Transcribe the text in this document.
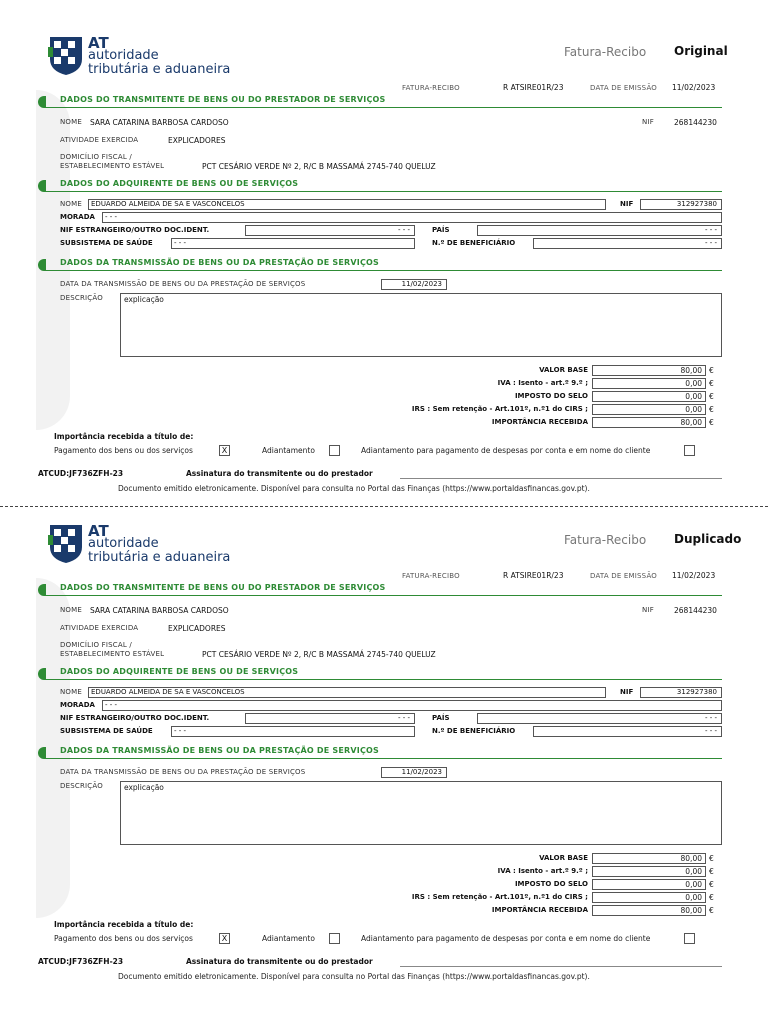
AT
autoridade
tributária e aduaneira
Fatura-Recibo Original
FATURA-RECIBO	R ATSIRE01R/23	DATA DE EMISSÃO 11/02/2023
DADOS DO TRANSMITENTE DE BENS OU DO PRESTADOR DE SERVIÇOS
NOME SARA CATARINA BARBOSA CARDOSO	NIF	268144230
ATIVIDADE EXERCIDA	EXPLICADORES
DOMICÍLIO FISCAL /
ESTABELECIMENTO ESTÁVEL	PCT CESÁRIO VERDE Nº 2, R/C B MASSAMÁ 2745-740 QUELUZ
DADOS DO ADQUIRENTE DE BENS OU DE SERVIÇOS
NOME EDUARDO ALMEIDA DE SA E VASCONCELOS	NIF	312927380
MORADA - - -
NIF ESTRANGEIRO/OUTRO DOC.IDENT.	- - -	PAÍS	- - -
SUBSISTEMA DE SAÚDE	- - -	N.º DE BENEFICIÁRIO	- - -
DADOS DA TRANSMISSÃO DE BENS OU DA PRESTAÇÃO DE SERVIÇOS
DATA DA TRANSMISSÃO DE BENS OU DA PRESTAÇÃO DE SERVIÇOS	11/02/2023
DESCRIÇÃO	explicação
VALOR BASE	80,00 €
IVA : Isento - art.º 9.º ;	0,00 €
IMPOSTO DO SELO	0,00 €
IRS : Sem retenção - Art.101º, n.º1 do CIRS ;	0,00 €
IMPORTÂNCIA RECEBIDA	80,00 €
Importância recebida a título de:
Pagamento dos bens ou dos serviços	X	Adiantamento	Adiantamento para pagamento de despesas por conta e em nome do cliente
ATCUD:JF736ZFH-23	Assinatura do transmitente ou do prestador
Documento emitido eletronicamente. Disponível para consulta no Portal das Finanças (https://www.portaldasfinancas.gov.pt).
AT
autoridade
tributária e aduaneira
Fatura-Recibo Duplicado
FATURA-RECIBO	R ATSIRE01R/23	DATA DE EMISSÃO 11/02/2023
DADOS DO TRANSMITENTE DE BENS OU DO PRESTADOR DE SERVIÇOS
NOME SARA CATARINA BARBOSA CARDOSO	NIF	268144230
ATIVIDADE EXERCIDA	EXPLICADORES
DOMICÍLIO FISCAL /
ESTABELECIMENTO ESTÁVEL	PCT CESÁRIO VERDE Nº 2, R/C B MASSAMÁ 2745-740 QUELUZ
DADOS DO ADQUIRENTE DE BENS OU DE SERVIÇOS
NOME EDUARDO ALMEIDA DE SA E VASCONCELOS	NIF	312927380
MORADA - - -
NIF ESTRANGEIRO/OUTRO DOC.IDENT.	- - -	PAÍS	- - -
SUBSISTEMA DE SAÚDE	- - -	N.º DE BENEFICIÁRIO	- - -
DADOS DA TRANSMISSÃO DE BENS OU DA PRESTAÇÃO DE SERVIÇOS
DATA DA TRANSMISSÃO DE BENS OU DA PRESTAÇÃO DE SERVIÇOS	11/02/2023
DESCRIÇÃO	explicação
VALOR BASE	80,00 €
IVA : Isento - art.º 9.º ;	0,00 €
IMPOSTO DO SELO	0,00 €
IRS : Sem retenção - Art.101º, n.º1 do CIRS ;	0,00 €
IMPORTÂNCIA RECEBIDA	80,00 €
Importância recebida a título de:
Pagamento dos bens ou dos serviços	X	Adiantamento	Adiantamento para pagamento de despesas por conta e em nome do cliente
ATCUD:JF736ZFH-23	Assinatura do transmitente ou do prestador
Documento emitido eletronicamente. Disponível para consulta no Portal das Finanças (https://www.portaldasfinancas.gov.pt).
